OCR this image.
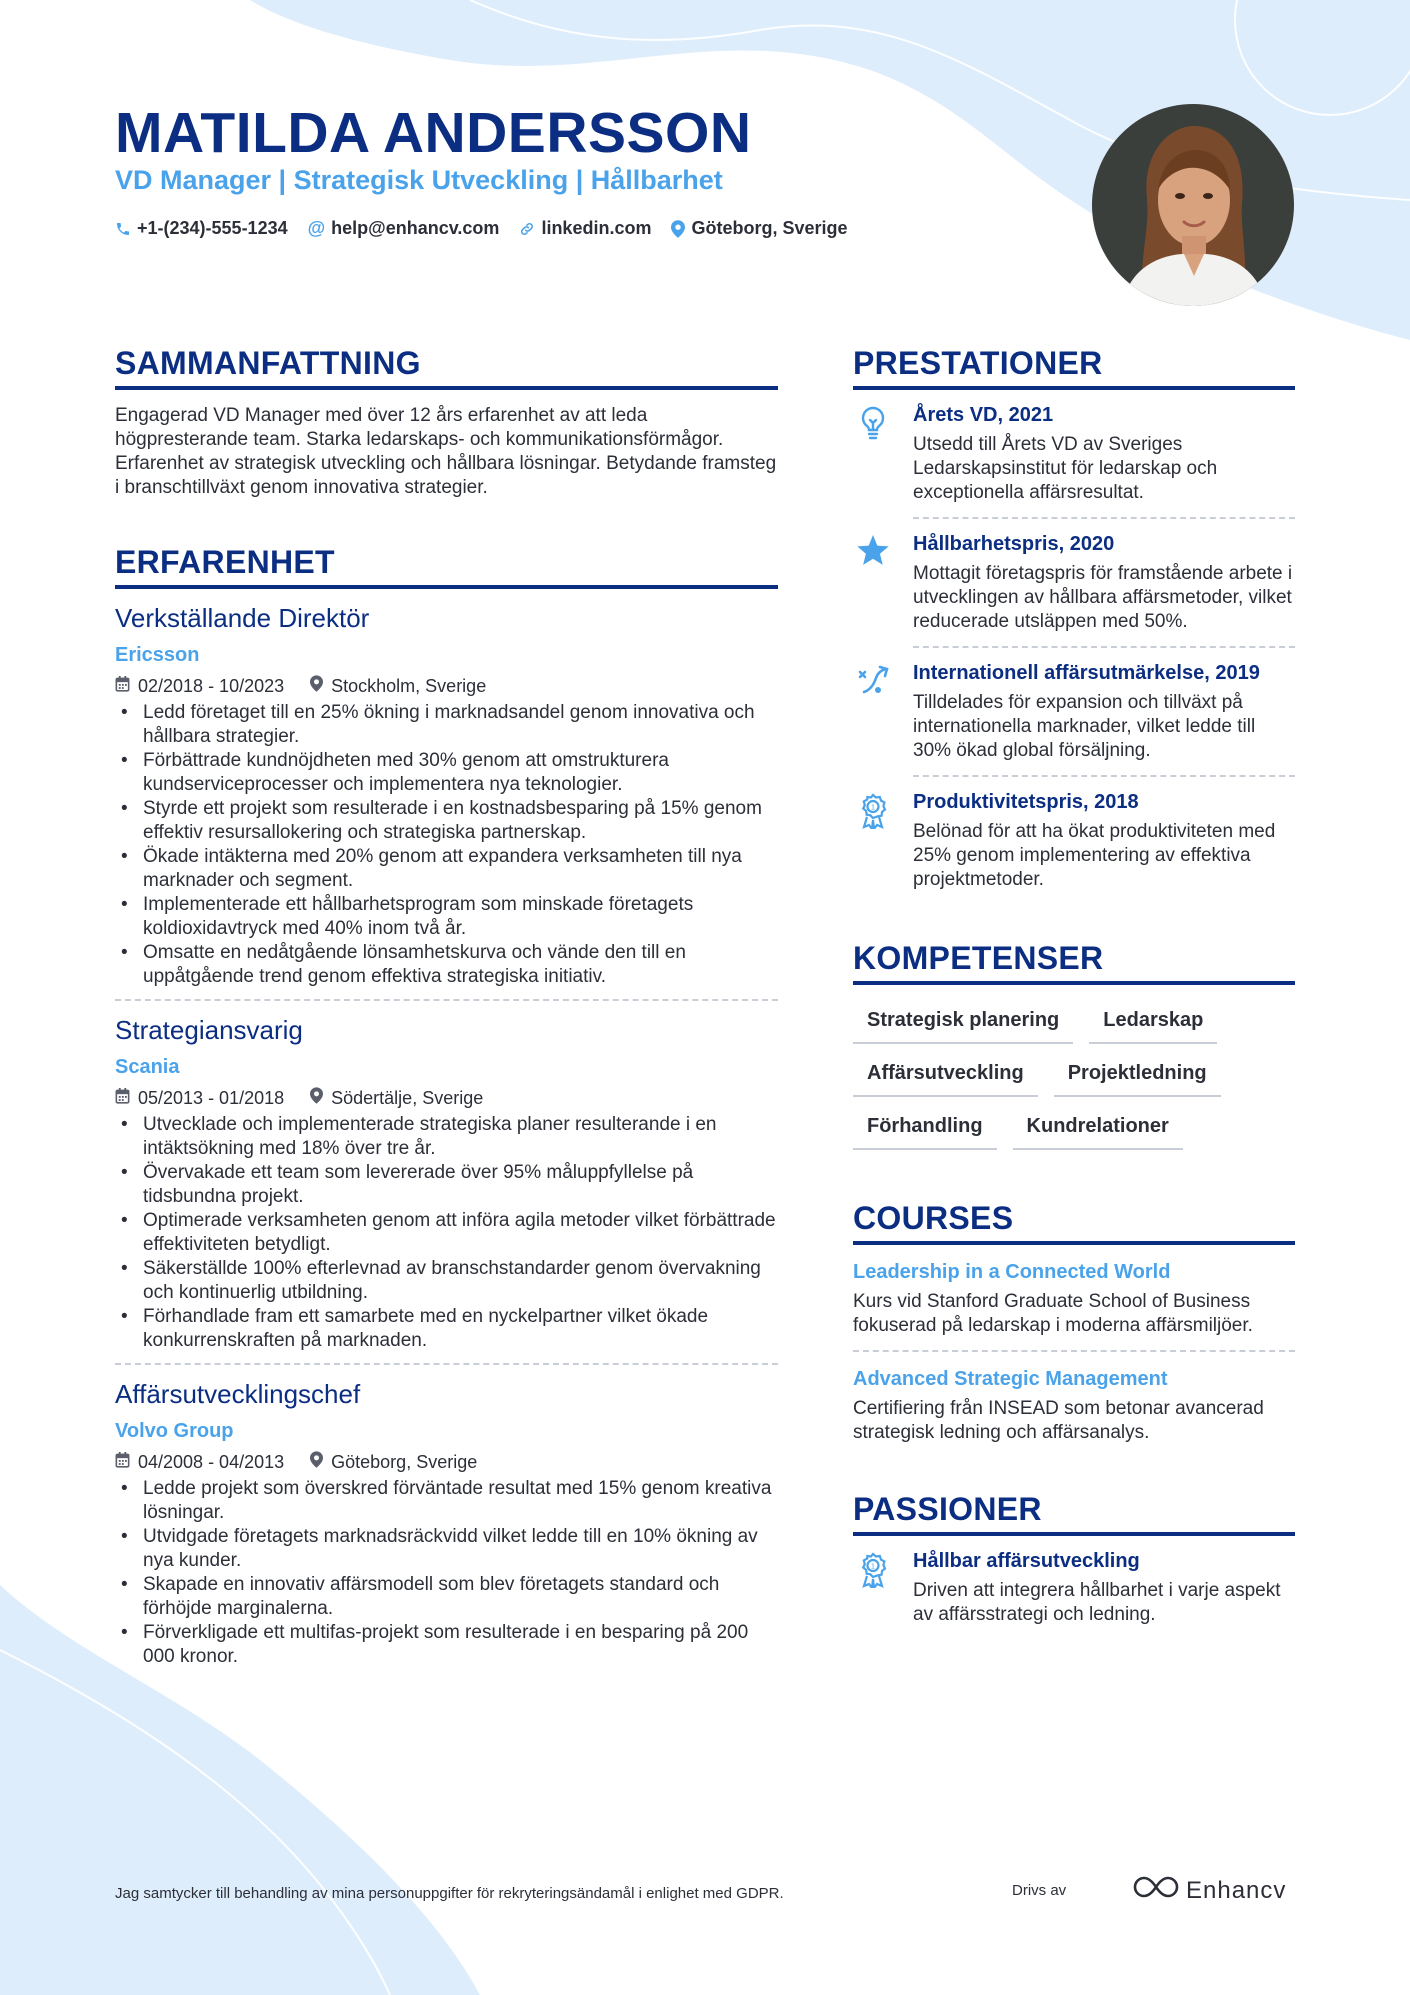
MATILDA ANDERSSON
VD Manager | Strategisk Utveckling | Hållbarhet
+1-(234)-555-1234 @ help@enhancv.com linkedin.com Göteborg, Sverige
SAMMANFATTNING
Engagerad VD Manager med över 12 års erfarenhet av att leda högpresterande team. Starka ledarskaps- och kommunikationsförmågor. Erfarenhet av strategisk utveckling och hållbara lösningar. Betydande framsteg i branschtillväxt genom innovativa strategier.
ERFARENHET
Verkställande Direktör
Ericsson
02/2018 - 10/2023	Stockholm, Sverige
• Ledd företaget till en 25% ökning i marknadsandel genom innovativa och hållbara strategier.
• Förbättrade kundnöjdheten med 30% genom att omstrukturera kundserviceprocesser och implementera nya teknologier.
• Styrde ett projekt som resulterade i en kostnadsbesparing på 15% genom effektiv resursallokering och strategiska partnerskap.
• Ökade intäkterna med 20% genom att expandera verksamheten till nya marknader och segment.
• Implementerade ett hållbarhetsprogram som minskade företagets koldioxidavtryck med 40% inom två år.
• Omsatte en nedåtgående lönsamhetskurva och vände den till en uppåtgående trend genom effektiva strategiska initiativ.
Strategiansvarig
Scania
05/2013 - 01/2018	Södertälje, Sverige
• Utvecklade och implementerade strategiska planer resulterande i en intäktsökning med 18% över tre år.
• Övervakade ett team som levererade över 95% måluppfyllelse på tidsbundna projekt.
• Optimerade verksamheten genom att införa agila metoder vilket förbättrade effektiviteten betydligt.
• Säkerställde 100% efterlevnad av branschstandarder genom övervakning och kontinuerlig utbildning.
• Förhandlade fram ett samarbete med en nyckelpartner vilket ökade konkurrenskraften på marknaden.
Affärsutvecklingschef
Volvo Group
04/2008 - 04/2013	Göteborg, Sverige
• Ledde projekt som överskred förväntade resultat med 15% genom kreativa lösningar.
• Utvidgade företagets marknadsräckvidd vilket ledde till en 10% ökning av nya kunder.
• Skapade en innovativ affärsmodell som blev företagets standard och förhöjde marginalerna.
• Förverkligade ett multifas-projekt som resulterade i en besparing på 200 000 kronor.
PRESTATIONER
Årets VD, 2021
Utsedd till Årets VD av Sveriges Ledarskapsinstitut för ledarskap och exceptionella affärsresultat.
Hållbarhetspris, 2020
Mottagit företagspris för framstående arbete i utvecklingen av hållbara affärsmetoder, vilket reducerade utsläppen med 50%.
Internationell affärsutmärkelse, 2019
Tilldelades för expansion och tillväxt på internationella marknader, vilket ledde till 30% ökad global försäljning.
1 Produktivitetspris, 2018
Belönad för att ha ökat produktiviteten med 25% genom implementering av effektiva projektmetoder.
KOMPETENSER
Strategisk planering	Ledarskap
Affärsutveckling	Projektledning
Förhandling	Kundrelationer
COURSES
Leadership in a Connected World
Kurs vid Stanford Graduate School of Business fokuserad på ledarskap i moderna affärsmiljöer.
Advanced Strategic Management
Certifiering från INSEAD som betonar avancerad strategisk ledning och affärsanalys.
PASSIONER
1 Hållbar affärsutveckling
Driven att integrera hållbarhet i varje aspekt av affärsstrategi och ledning.
Jag samtycker till behandling av mina personuppgifter för rekryteringsändamål i enlighet med GDPR.	Drivs av	Enhancv
